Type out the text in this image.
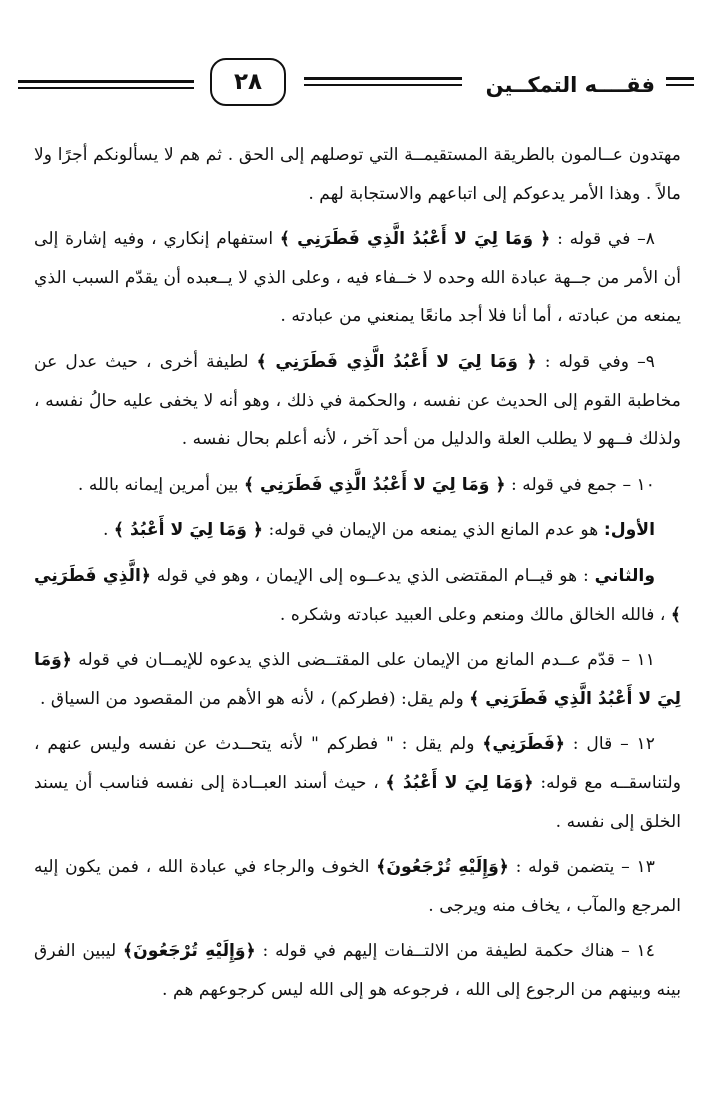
فقــــه التمكــين
٢٨

مهتدون عــالمون بالطريقة المستقيمــة التي توصلهم إلى الحق . ثم هم لا يسألونكم أجرًا ولا مالاً . وهذا الأمر يدعوكم إلى اتباعهم والاستجابة لهم .

٨– في قوله : ﴿ وَمَا لِيَ لا أَعْبُدُ الَّذِي فَطَرَنِي ﴾ استفهام إنكاري ، وفيه إشارة إلى أن الأمر من جــهة عبادة الله وحده لا خــفاء فيه ، وعلى الذي لا يــعبده أن يقدّم السبب الذي يمنعه من عبادته ، أما أنا فلا أجد مانعًا يمنعني من عبادته .

٩– وفي قوله : ﴿ وَمَا لِيَ لا أَعْبُدُ الَّذِي فَطَرَنِي ﴾ لطيفة أخرى ، حيث عدل عن مخاطبة القوم إلى الحديث عن نفسه ، والحكمة في ذلك ، وهو أنه لا يخفى عليه حالُ نفسه ، ولذلك فــهو لا يطلب العلة والدليل من أحد آخر ، لأنه أعلم بحال نفسه .

١٠ – جمع في قوله : ﴿ وَمَا لِيَ لا أَعْبُدُ الَّذِي فَطَرَنِي ﴾ بين أمرين إيمانه بالله .

الأول: هو عدم المانع الذي يمنعه من الإيمان في قوله: ﴿ وَمَا لِيَ لا أَعْبُدُ ﴾ .

والثاني : هو قيــام المقتضى الذي يدعــوه إلى الإيمان ، وهو في قوله ﴿الَّذِي فَطَرَنِي ﴾ ، فالله الخالق مالك ومنعم وعلى العبيد عبادته وشكره .

١١ – قدّم عــدم المانع من الإيمان على المقتــضى الذي يدعوه للإيمــان في قوله ﴿وَمَا لِيَ لا أَعْبُدُ الَّذِي فَطَرَنِي ﴾ ولم يقل: (فطركم) ، لأنه هو الأهم من المقصود من السياق .

١٢ – قال : ﴿فَطَرَنِي﴾ ولم يقل : " فطركم " لأنه يتحــدث عن نفسه وليس عنهم ، ولتناسقــه مع قوله: ﴿وَمَا لِيَ لا أَعْبُدُ ﴾ ، حيث أسند العبــادة إلى نفسه فناسب أن يسند الخلق إلى نفسه .

١٣ – يتضمن قوله : ﴿وَإِلَيْهِ تُرْجَعُونَ﴾ الخوف والرجاء في عبادة الله ، فمن يكون إليه المرجع والمآب ، يخاف منه ويرجى .

١٤ – هناك حكمة لطيفة من الالتــفات إليهم في قوله : ﴿وَإِلَيْهِ تُرْجَعُونَ﴾ ليبين الفرق بينه وبينهم من الرجوع إلى الله ، فرجوعه هو إلى الله ليس كرجوعهم هم .
